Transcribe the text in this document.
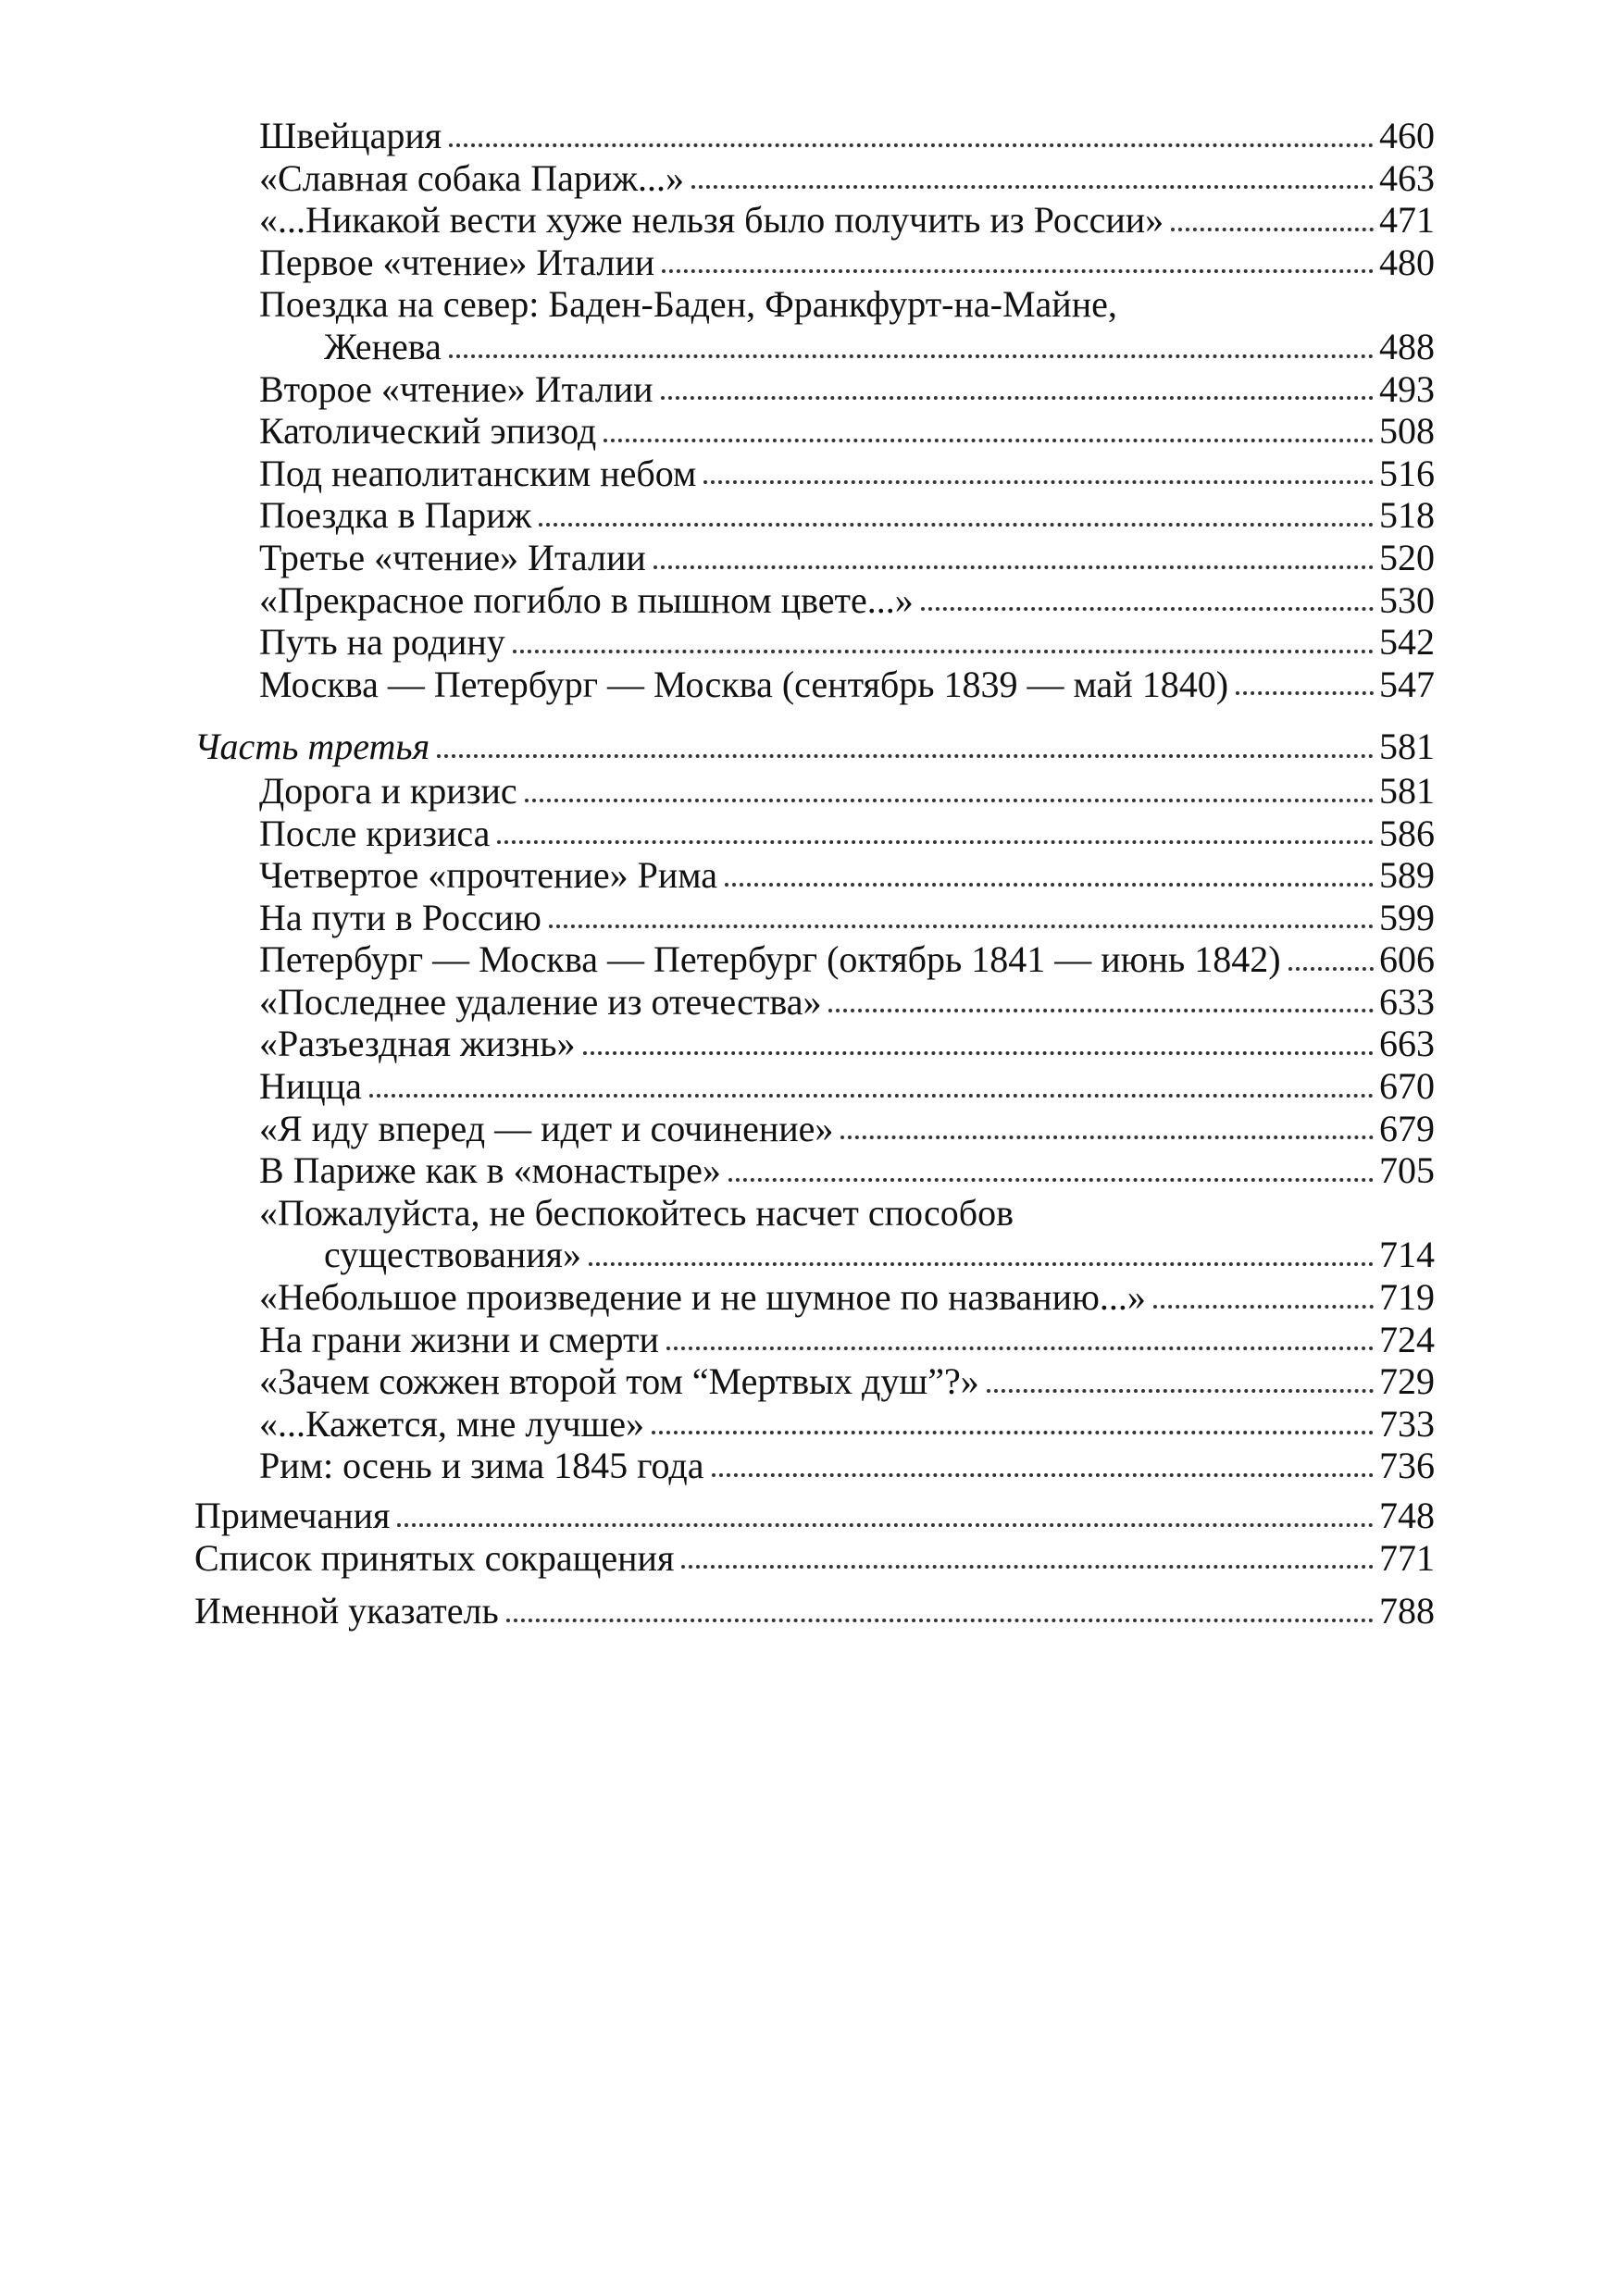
Швейцария	460
«Славная собака Париж...»	463
«...Никакой вести хуже нельзя было получить из России»	471
Первое «чтение» Италии	480
Поездка на север: Баден-Баден, Франкфурт-на-Майне,
Женева	488
Второе «чтение» Италии	493
Католический эпизод	508
Под неаполитанским небом	516
Поездка в Париж	518
Третье «чтение» Италии	520
«Прекрасное погибло в пышном цвете...»	530
Путь на родину	542
Москва — Петербург — Москва (сентябрь 1839 — май 1840)	547
Часть третья	581
Дорога и кризис	581
После кризиса	586
Четвертое «прочтение» Рима	589
На пути в Россию	599
Петербург — Москва — Петербург (октябрь 1841 — июнь 1842)	606
«Последнее удаление из отечества»	633
«Разъездная жизнь»	663
Ницца	670
«Я иду вперед — идет и сочинение»	679
В Париже как в «монастыре»	705
«Пожалуйста, не беспокойтесь насчет способов
существования»	714
«Небольшое произведение и не шумное по названию...»	719
На грани жизни и смерти	724
«Зачем сожжен второй том “Мертвых душ”?»	729
«...Кажется, мне лучше»	733
Рим: осень и зима 1845 года	736
Примечания	748
Список принятых сокращения	771
Именной указатель	788
